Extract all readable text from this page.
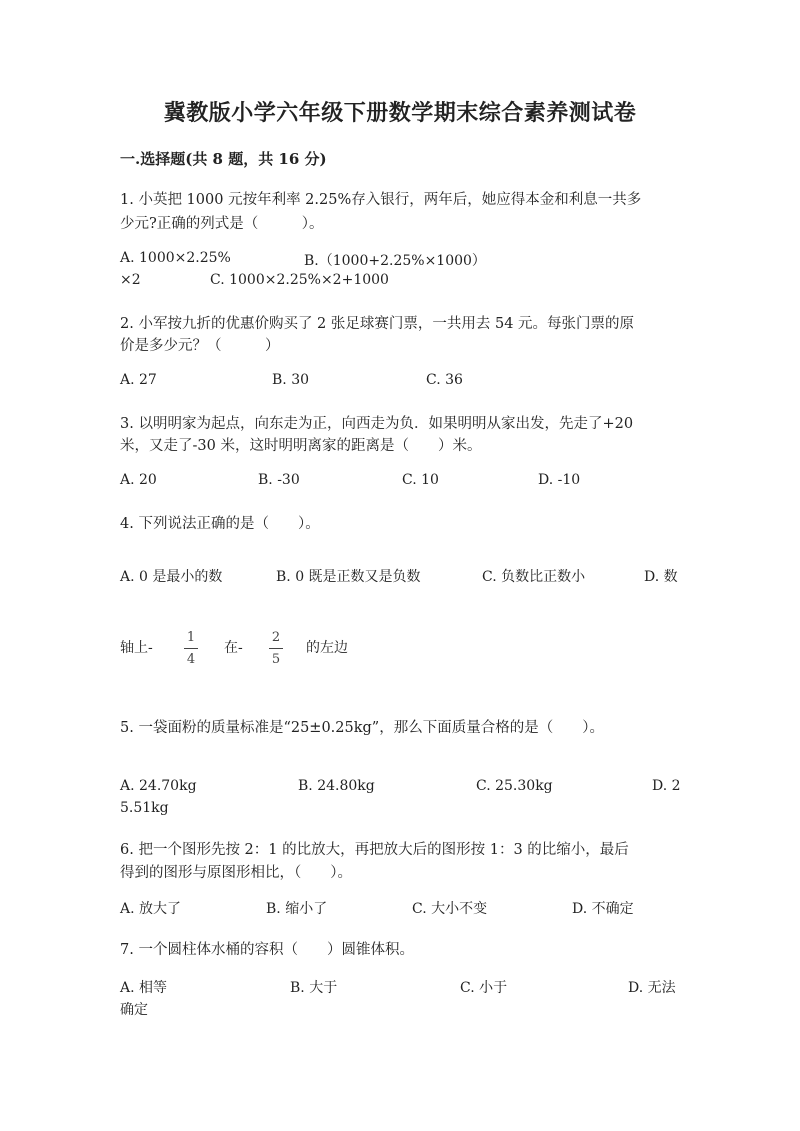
冀教版小学六年级下册数学期末综合素养测试卷
一.选择题(共 8 题，共 16 分)
1. 小英把 1000 元按年利率 2.25%存入银行，两年后，她应得本金和利息一共多
少元?正确的列式是（　　　）。
A. 1000×2.25%	B.（1000+2.25%×1000）
×2	C. 1000×2.25%×2+1000
2. 小军按九折的优惠价购买了 2 张足球赛门票，一共用去 54 元。每张门票的原
价是多少元？（　　　）
A. 27	B. 30	C. 36
3. 以明明家为起点，向东走为正，向西走为负．如果明明从家出发，先走了+20
米，又走了-30 米，这时明明离家的距离是（　　）米。
A. 20	B. -30	C. 10	D. -10
4. 下列说法正确的是（　　）。
A. 0 是最小的数	B. 0 既是正数又是负数	C. 负数比正数小	D. 数
轴上-
1
4
在-
2
5
的左边
5. 一袋面粉的质量标准是“25±0.25kg”，那么下面质量合格的是（　　）。
A. 24.70kg	B. 24.80kg	C. 25.30kg	D. 2
5.51kg
6. 把一个图形先按 2：1 的比放大，再把放大后的图形按 1：3 的比缩小，最后
得到的图形与原图形相比，（　　）。
A. 放大了	B. 缩小了	C. 大小不变	D. 不确定
7. 一个圆柱体水桶的容积（　　）圆锥体积。
A. 相等	B. 大于	C. 小于	D. 无法
确定
